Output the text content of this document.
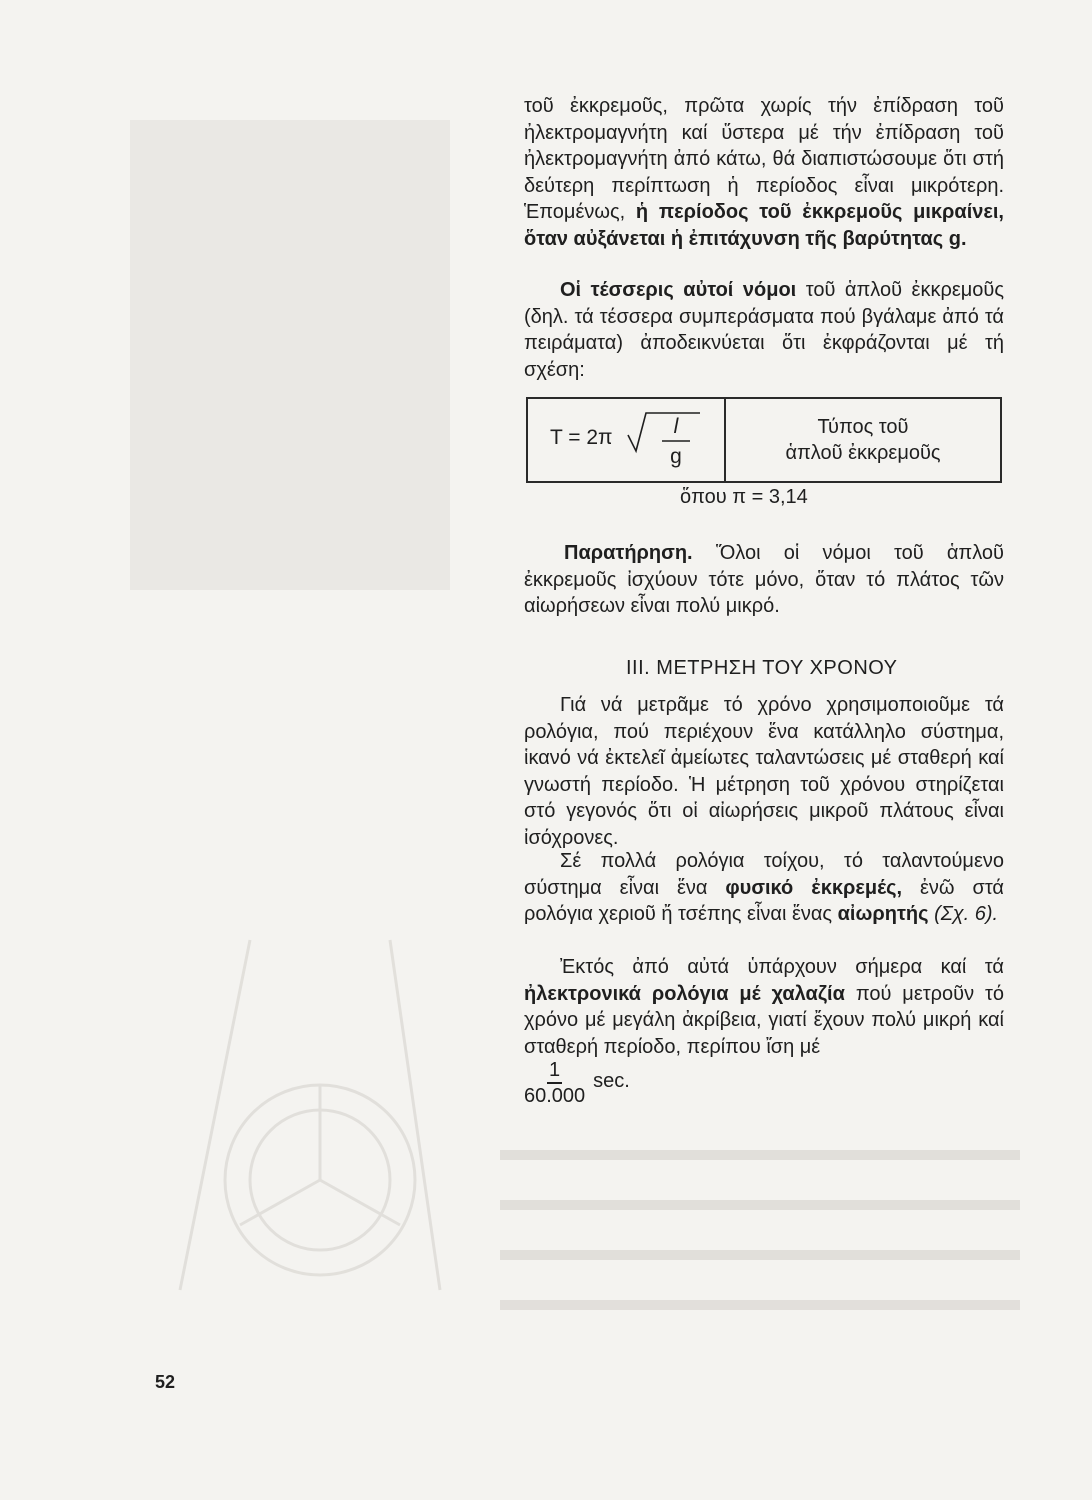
τοῦ ἐκκρεμοῦς, πρῶτα χωρίς τήν ἐπίδραση τοῦ ἠλεκτρομαγνήτη καί ὕστερα μέ τήν ἐπίδραση τοῦ ἠλεκτρομαγνήτη ἀπό κάτω, θά διαπιστώσουμε ὅτι στή δεύτερη περίπτωση ἡ περίοδος εἶναι μικρότερη. Ἑπομένως, ἡ περίοδος τοῦ ἐκκρεμοῦς μικραίνει, ὅταν αὐξάνεται ἡ ἐπιτάχυνση τῆς βαρύτητας g.

Οἱ τέσσερις αὐτοί νόμοι τοῦ ἁπλοῦ ἐκκρεμοῦς (δηλ. τά τέσσερα συμπεράσματα πού βγάλαμε ἀπό τά πειράματα) ἀποδεικνύεται ὅτι ἐκφράζονται μέ τή σχέση:

T = 2π	l
g
Τύπος τοῦ
ἁπλοῦ ἐκκρεμοῦς
ὅπου π = 3,14

Παρατήρηση. Ὅλοι οἱ νόμοι τοῦ ἁπλοῦ ἐκκρεμοῦς ἰσχύουν τότε μόνο, ὅταν τό πλάτος τῶν αἰωρήσεων εἶναι πολύ μικρό.

III. ΜΕΤΡΗΣΗ ΤΟΥ ΧΡΟΝΟΥ

Γιά νά μετρᾶμε τό χρόνο χρησιμοποιοῦμε τά ρολόγια, πού περιέχουν ἕνα κατάλληλο σύστημα, ἱκανό νά ἐκτελεῖ ἀμείωτες ταλαντώσεις μέ σταθερή καί γνωστή περίοδο. Ἡ μέτρηση τοῦ χρόνου στηρίζεται στό γεγονός ὅτι οἱ αἰωρήσεις μικροῦ πλάτους εἶναι ἰσόχρονες.

Σέ πολλά ρολόγια τοίχου, τό ταλαντούμενο σύστημα εἶναι ἕνα φυσικό ἐκκρεμές, ἐνῶ στά ρολόγια χεριοῦ ἤ τσέπης εἶναι ἕνας αἰωρητής (Σχ. 6).

Ἐκτός ἀπό αὐτά ὑπάρχουν σήμερα καί τά ἠλεκτρονικά ρολόγια μέ χαλαζία πού μετροῦν τό χρόνο μέ μεγάλη ἀκρίβεια, γιατί ἔχουν πολύ μικρή καί σταθερή περίοδο, περίπου ἴση μέ

$\frac{1}{60.000} \sec$.
52
